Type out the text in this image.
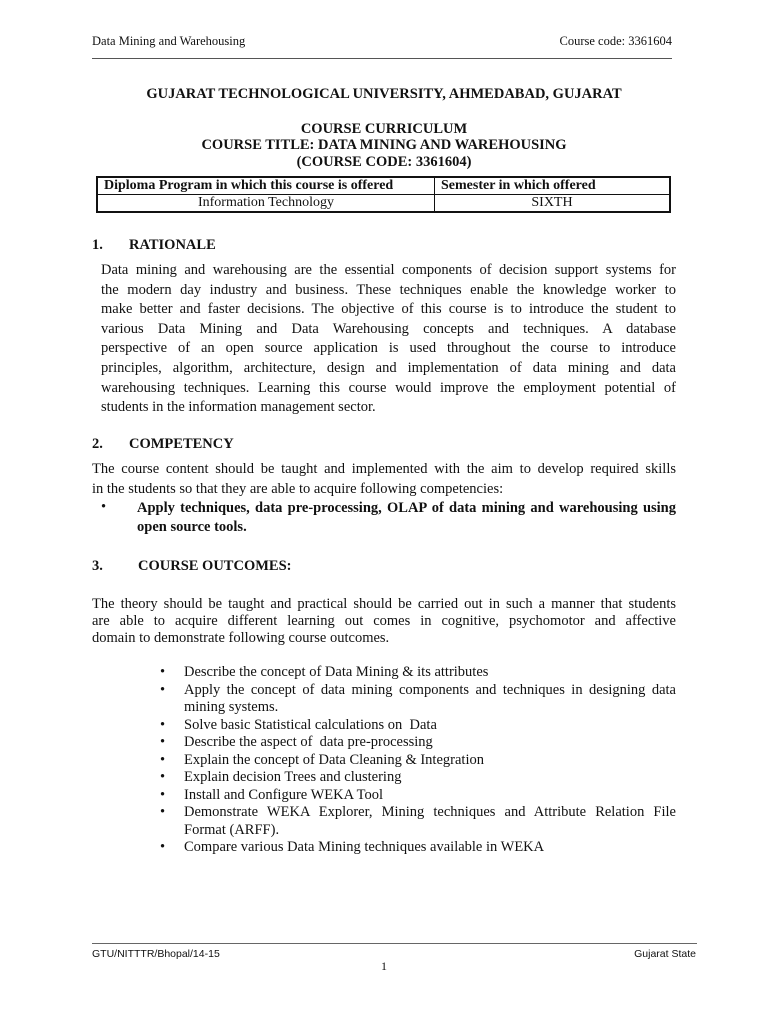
Data Mining and Warehousing	Course code: 3361604
GUJARAT TECHNOLOGICAL UNIVERSITY, AHMEDABAD, GUJARAT
COURSE CURRICULUM
COURSE TITLE: DATA MINING AND WAREHOUSING
(COURSE CODE: 3361604)
Diploma Program in which this course is offered	Semester in which offered
Information Technology	SIXTH
1. RATIONALE
Data mining and warehousing are the essential components of decision support systems for
the modern day industry and business. These techniques enable the knowledge worker to
make better and faster decisions. The objective of this course is to introduce the student to
various Data Mining and Data Warehousing concepts and techniques. A database
perspective of an open source application is used throughout the course to introduce
principles, algorithm, architecture, design and implementation of data mining and data
warehousing techniques. Learning this course would improve the employment potential of
students in the information management sector.
2. COMPETENCY
The course content should be taught and implemented with the aim to develop required skills
in the students so that they are able to acquire following competencies:
• Apply techniques, data pre-processing, OLAP of data mining and warehousing using open source tools.
3. COURSE OUTCOMES:
The theory should be taught and practical should be carried out in such a manner that students
are able to acquire different learning out comes in cognitive, psychomotor and affective
domain to demonstrate following course outcomes.
• Describe the concept of Data Mining & its attributes
• Apply the concept of data mining components and techniques in designing data mining systems.
• Solve basic Statistical calculations on  Data
• Describe the aspect of  data pre-processing
• Explain the concept of Data Cleaning & Integration
• Explain decision Trees and clustering
• Install and Configure WEKA Tool
• Demonstrate WEKA Explorer, Mining techniques and Attribute Relation File Format (ARFF).
• Compare various Data Mining techniques available in WEKA
GTU/NITTTR/Bhopal/14-15	Gujarat State
1
